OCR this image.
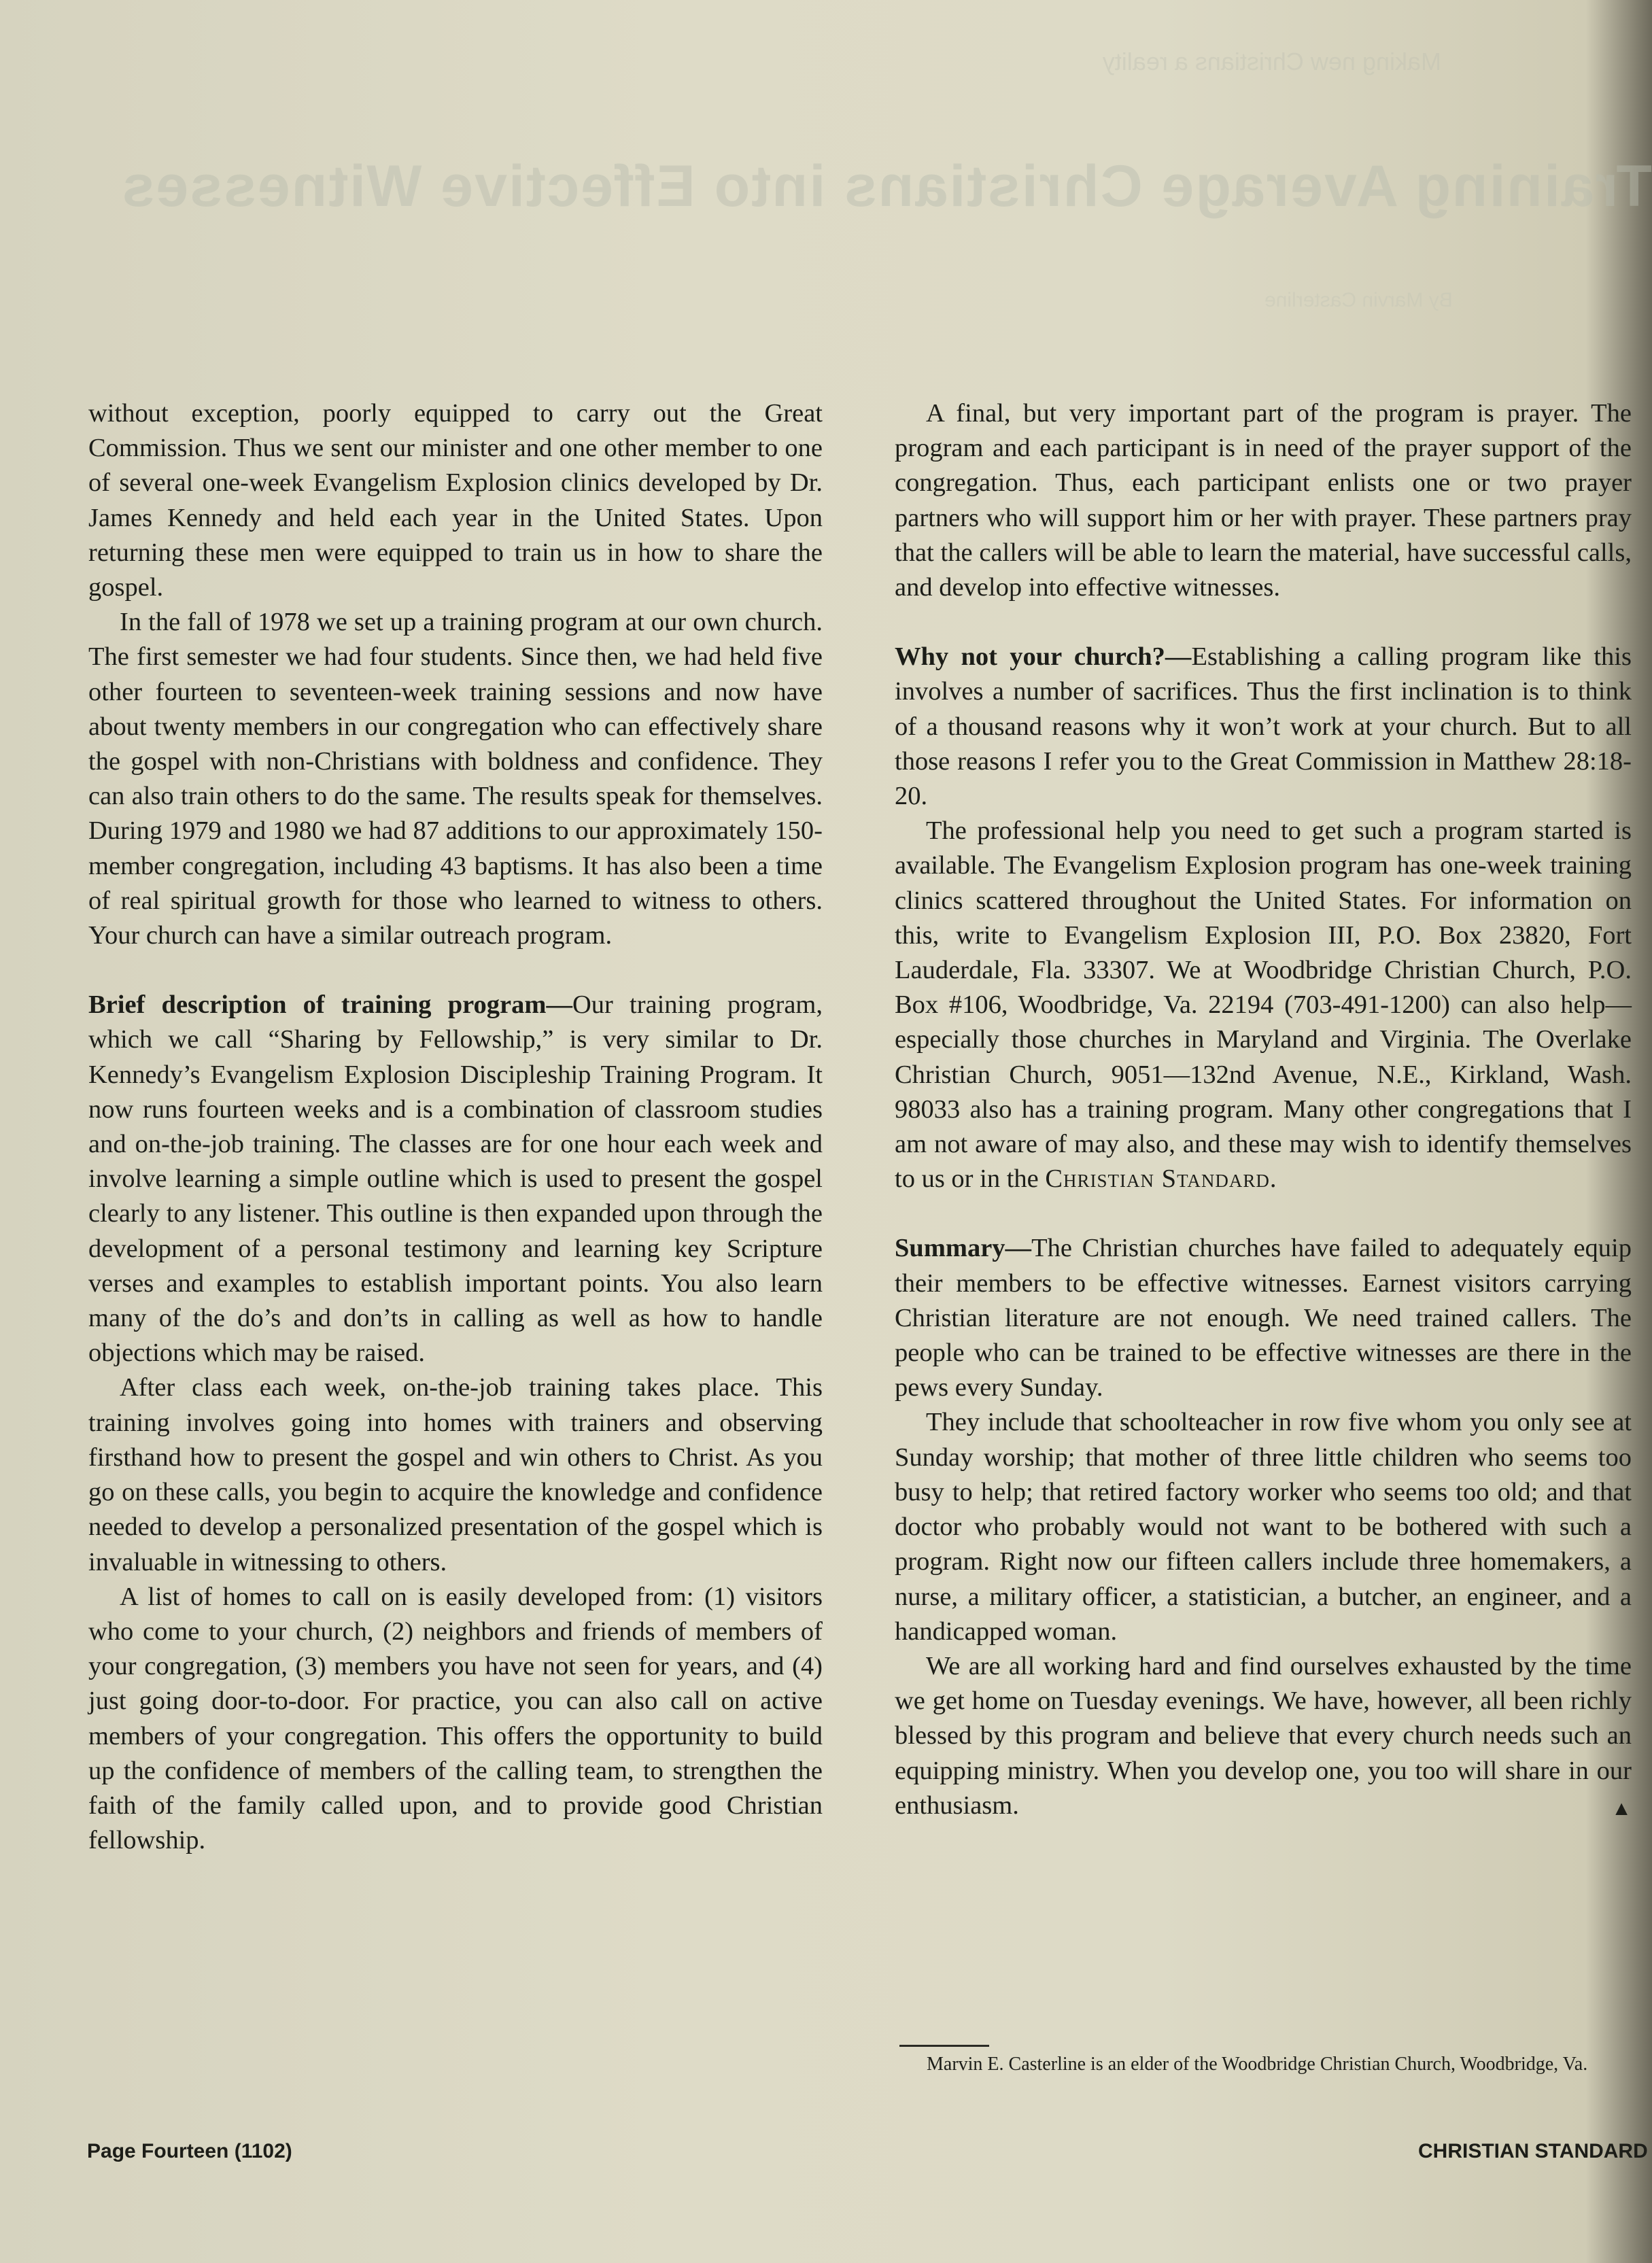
Making new Christians a reality
Training Average Christians into Effective Witnesses
By Marvin Casterline

without exception, poorly equipped to carry out the Great Commission. Thus we sent our minister and one other member to one of several one-week Evangelism Explosion clinics developed by Dr. James Kennedy and held each year in the United States. Upon returning these men were equipped to train us in how to share the gospel.

In the fall of 1978 we set up a training program at our own church. The first semester we had four students. Since then, we had held five other fourteen to seventeen-week training sessions and now have about twenty members in our congregation who can effectively share the gospel with non-Christians with boldness and confidence. They can also train others to do the same. The results speak for themselves. During 1979 and 1980 we had 87 additions to our approximately 150-member congregation, including 43 baptisms. It has also been a time of real spiritual growth for those who learned to witness to others. Your church can have a similar outreach program.

Brief description of training program—Our training program, which we call “Sharing by Fellowship,” is very similar to Dr. Kennedy’s Evangelism Explosion Discipleship Training Program. It now runs fourteen weeks and is a combination of classroom studies and on-the-job training. The classes are for one hour each week and involve learning a simple outline which is used to present the gospel clearly to any listener. This outline is then expanded upon through the development of a personal testimony and learning key Scripture verses and examples to establish important points. You also learn many of the do’s and don’ts in calling as well as how to handle objections which may be raised.

After class each week, on-the-job training takes place. This training involves going into homes with trainers and observing firsthand how to present the gospel and win others to Christ. As you go on these calls, you begin to acquire the knowledge and confidence needed to develop a personalized presentation of the gospel which is invaluable in witnessing to others.

A list of homes to call on is easily developed from: (1) visitors who come to your church, (2) neighbors and friends of members of your congregation, (3) members you have not seen for years, and (4) just going door-to-door. For practice, you can also call on active members of your congregation. This offers the opportunity to build up the confidence of members of the calling team, to strengthen the faith of the family called upon, and to provide good Christian fellowship.

A final, but very important part of the program is prayer. The program and each participant is in need of the prayer support of the congregation. Thus, each participant enlists one or two prayer partners who will support him or her with prayer. These partners pray that the callers will be able to learn the material, have successful calls, and develop into effective witnesses.

Why not your church?—Establishing a calling program like this involves a number of sacrifices. Thus the first inclination is to think of a thousand reasons why it won’t work at your church. But to all those reasons I refer you to the Great Commission in Matthew 28:18-20.

The professional help you need to get such a program started is available. The Evangelism Explosion program has one-week training clinics scattered throughout the United States. For information on this, write to Evangelism Explosion III, P.O. Box 23820, Fort Lauderdale, Fla. 33307. We at Woodbridge Christian Church, P.O. Box #106, Woodbridge, Va. 22194 (703-491-1200) can also help—especially those churches in Maryland and Virginia. The Overlake Christian Church, 9051—132nd Avenue, N.E., Kirkland, Wash. 98033 also has a training program. Many other congregations that I am not aware of may also, and these may wish to identify themselves to us or in the Christian Standard.

Summary—The Christian churches have failed to adequately equip their members to be effective witnesses. Earnest visitors carrying Christian literature are not enough. We need trained callers. The people who can be trained to be effective witnesses are there in the pews every Sunday.

They include that schoolteacher in row five whom you only see at Sunday worship; that mother of three little children who seems too busy to help; that retired factory worker who seems too old; and that doctor who probably would not want to be bothered with such a program. Right now our fifteen callers include three homemakers, a nurse, a military officer, a statistician, a butcher, an engineer, and a handicapped woman.

We are all working hard and find ourselves exhausted by the time we get home on Tuesday evenings. We have, however, all been richly blessed by this program and believe that every church needs such an equipping ministry. When you develop one, you too will share in our enthusiasm.	▲

Marvin E. Casterline is an elder of the Woodbridge Christian Church, Woodbridge, Va.
Page Fourteen (1102)	CHRISTIAN STANDARD
